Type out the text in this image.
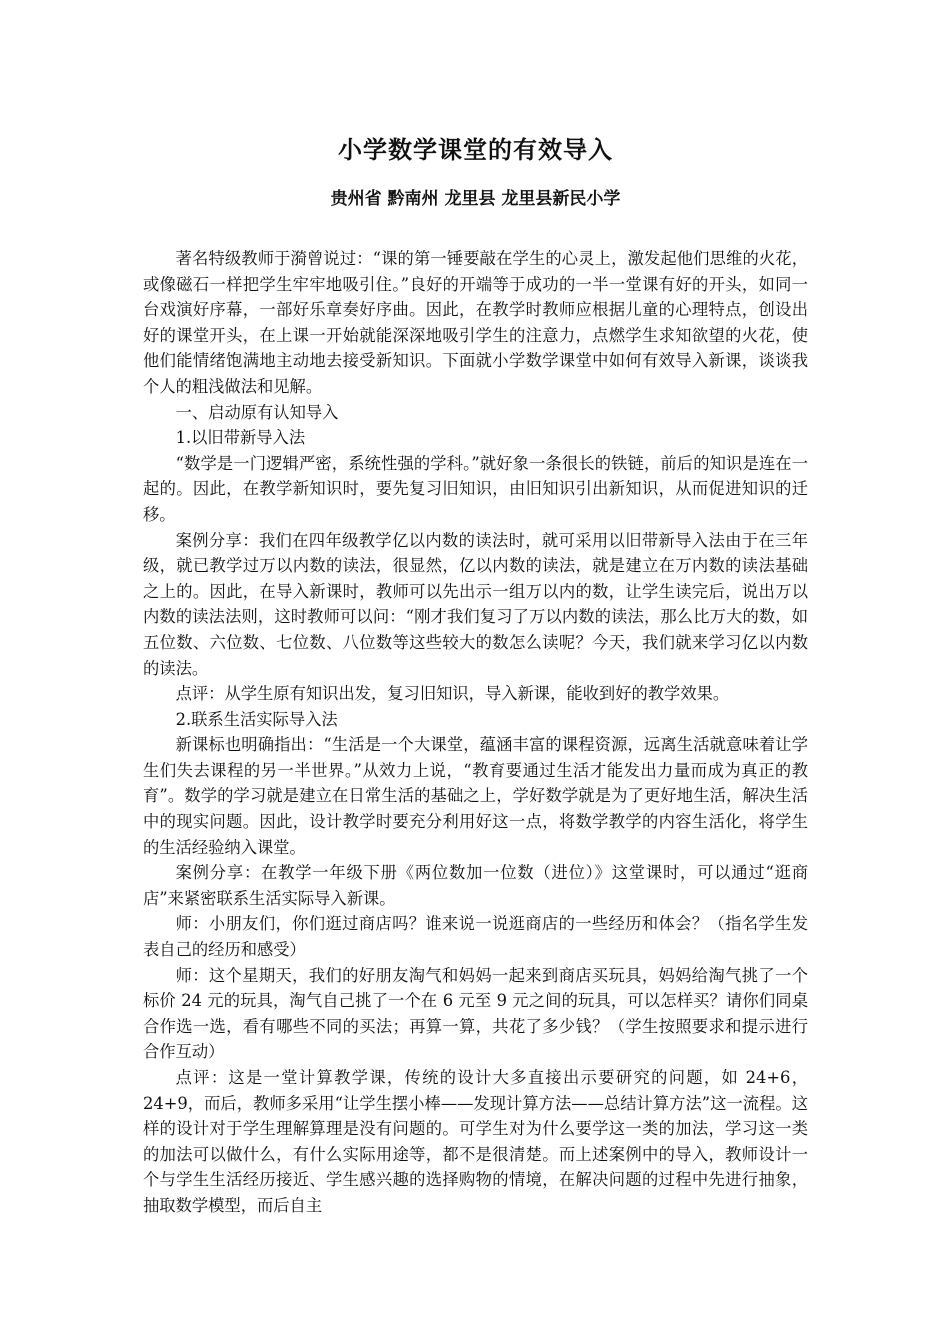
小学数学课堂的有效导入
贵州省 黔南州 龙里县 龙里县新民小学

著名特级教师于漪曾说过：“课的第一锤要敲在学生的心灵上，激发起他们思维的火花，或像磁石一样把学生牢牢地吸引住。”良好的开端等于成功的一半一堂课有好的开头，如同一台戏演好序幕，一部好乐章奏好序曲。因此，在教学时教师应根据儿童的心理特点，创设出好的课堂开头，在上课一开始就能深深地吸引学生的注意力，点燃学生求知欲望的火花，使他们能情绪饱满地主动地去接受新知识。下面就小学数学课堂中如何有效导入新课，谈谈我个人的粗浅做法和见解。

一、启动原有认知导入

1.以旧带新导入法

“数学是一门逻辑严密，系统性强的学科。”就好象一条很长的铁链，前后的知识是连在一起的。因此，在教学新知识时，要先复习旧知识，由旧知识引出新知识，从而促进知识的迁移。

案例分享：我们在四年级教学亿以内数的读法时，就可采用以旧带新导入法由于在三年级，就已教学过万以内数的读法，很显然，亿以内数的读法，就是建立在万内数的读法基础之上的。因此，在导入新课时，教师可以先出示一组万以内的数，让学生读完后，说出万以内数的读法法则，这时教师可以问：“刚才我们复习了万以内数的读法，那么比万大的数，如五位数、六位数、七位数、八位数等这些较大的数怎么读呢？今天，我们就来学习亿以内数的读法。

点评：从学生原有知识出发，复习旧知识，导入新课，能收到好的教学效果。

2.联系生活实际导入法

新课标也明确指出：“生活是一个大课堂，蕴涵丰富的课程资源，远离生活就意味着让学生们失去课程的另一半世界。”从效力上说，“教育要通过生活才能发出力量而成为真正的教育”。数学的学习就是建立在日常生活的基础之上，学好数学就是为了更好地生活，解决生活中的现实问题。因此，设计教学时要充分利用好这一点，将数学教学的内容生活化，将学生的生活经验纳入课堂。

案例分享：在教学一年级下册《两位数加一位数（进位）》这堂课时，可以通过“逛商店”来紧密联系生活实际导入新课。

师：小朋友们，你们逛过商店吗？谁来说一说逛商店的一些经历和体会？（指名学生发表自己的经历和感受）

师：这个星期天，我们的好朋友淘气和妈妈一起来到商店买玩具，妈妈给淘气挑了一个标价 24 元的玩具，淘气自己挑了一个在 6 元至 9 元之间的玩具，可以怎样买？请你们同桌合作选一选，看有哪些不同的买法；再算一算，共花了多少钱？（学生按照要求和提示进行合作互动）

点评：这是一堂计算教学课，传统的设计大多直接出示要研究的问题，如 24+6，24+9，而后，教师多采用“让学生摆小棒——发现计算方法——总结计算方法”这一流程。这样的设计对于学生理解算理是没有问题的。可学生对为什么要学这一类的加法，学习这一类的加法可以做什么，有什么实际用途等，都不是很清楚。而上述案例中的导入，教师设计一个与学生生活经历接近、学生感兴趣的选择购物的情境，在解决问题的过程中先进行抽象，抽取数学模型，而后自主
